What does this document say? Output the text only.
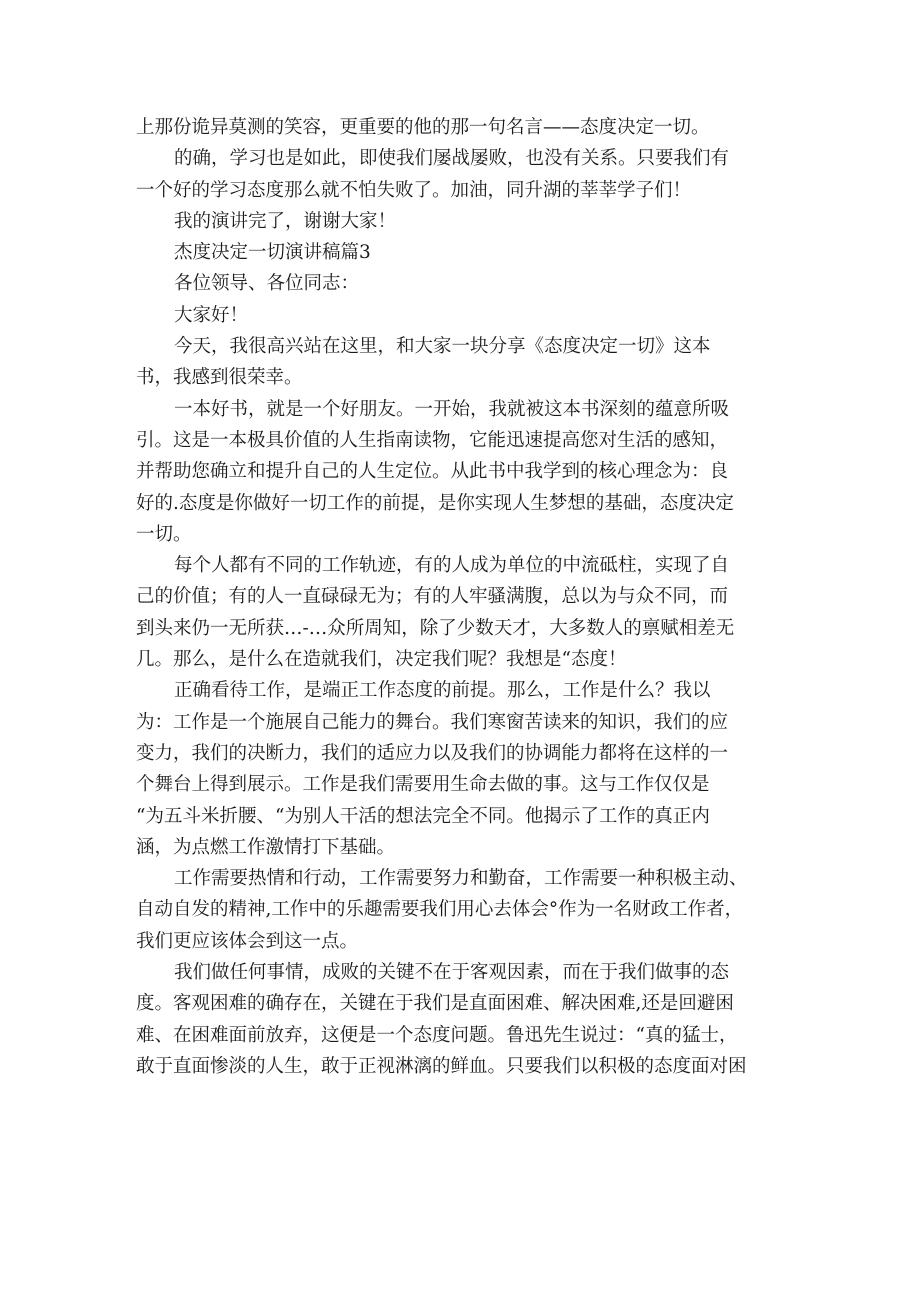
上那份诡异莫测的笑容，更重要的他的那一句名言——态度决定一切。
的确，学习也是如此，即使我们屡战屡败，也没有关系。只要我们有
一个好的学习态度那么就不怕失败了。加油，同升湖的莘莘学子们！
我的演讲完了，谢谢大家！
杰度决定一切演讲稿篇3
各位领导、各位同志：
大家好！
今天，我很高兴站在这里，和大家一块分享《态度决定一切》这本
书，我感到很荣幸。
一本好书，就是一个好朋友。一开始，我就被这本书深刻的蕴意所吸
引。这是一本极具价值的人生指南读物，它能迅速提高您对生活的感知，
并帮助您确立和提升自己的人生定位。从此书中我学到的核心理念为：良
好的.态度是你做好一切工作的前提，是你实现人生梦想的基础，态度决定
一切。
每个人都有不同的工作轨迹，有的人成为单位的中流砥柱，实现了自
己的价值；有的人一直碌碌无为；有的人牢骚满腹，总以为与众不同，而
到头来仍一无所获…-…众所周知，除了少数天才，大多数人的禀赋相差无
几。那么，是什么在造就我们，决定我们呢？我想是“态度！
正确看待工作，是端正工作态度的前提。那么，工作是什么？我以
为：工作是一个施展自己能力的舞台。我们寒窗苦读来的知识，我们的应
变力，我们的决断力，我们的适应力以及我们的协调能力都将在这样的一
个舞台上得到展示。工作是我们需要用生命去做的事。这与工作仅仅是
“为五斗米折腰、“为别人干活的想法完全不同。他揭示了工作的真正内
涵，为点燃工作激情打下基础。
工作需要热情和行动，工作需要努力和勤奋，工作需要一种积极主动、
自动自发的精神,工作中的乐趣需要我们用心去体会°作为一名财政工作者，
我们更应该体会到这一点。
我们做任何事情，成败的关键不在于客观因素，而在于我们做事的态
度。客观困难的确存在，关键在于我们是直面困难、解决困难,还是回避困
难、在困难面前放弃，这便是一个态度问题。鲁迅先生说过：“真的猛士，
敢于直面惨淡的人生，敢于正视淋漓的鲜血。只要我们以积极的态度面对困
